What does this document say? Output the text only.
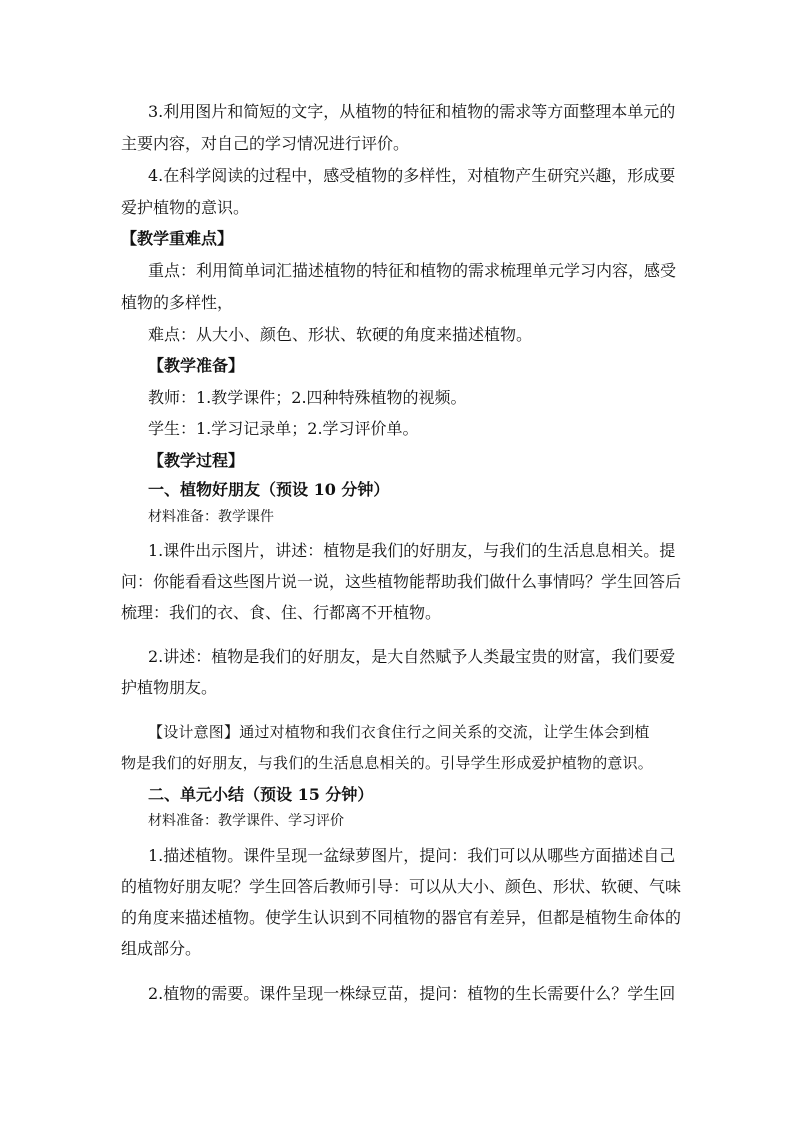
3.利用图片和简短的文字，从植物的特征和植物的需求等方面整理本单元的
主要内容，对自己的学习情况进行评价。
4.在科学阅读的过程中，感受植物的多样性，对植物产生研究兴趣，形成要
爱护植物的意识。
【教学重难点】
重点：利用简单词汇描述植物的特征和植物的需求梳理单元学习内容，感受
植物的多样性，
难点：从大小、颜色、形状、软硬的角度来描述植物。
【教学准备】
教师：1.教学课件；2.四种特殊植物的视频。
学生：1.学习记录单；2.学习评价单。
【教学过程】
一、植物好朋友（预设 10 分钟）
材料准备：教学课件
1.课件出示图片，讲述：植物是我们的好朋友，与我们的生活息息相关。提
问：你能看看这些图片说一说，这些植物能帮助我们做什么事情吗？学生回答后
梳理：我们的衣、食、住、行都离不开植物。
2.讲述：植物是我们的好朋友，是大自然赋予人类最宝贵的财富，我们要爱
护植物朋友。
【设计意图】通过对植物和我们衣食住行之间关系的交流，让学生体会到植
物是我们的好朋友，与我们的生活息息相关的。引导学生形成爱护植物的意识。
二、单元小结（预设 15 分钟）
材料准备：教学课件、学习评价
1.描述植物。课件呈现一盆绿萝图片，提问：我们可以从哪些方面描述自己
的植物好朋友呢？学生回答后教师引导：可以从大小、颜色、形状、软硬、气味
的角度来描述植物。使学生认识到不同植物的器官有差异，但都是植物生命体的
组成部分。
2.植物的需要。课件呈现一株绿豆苗，提问：植物的生长需要什么？学生回
